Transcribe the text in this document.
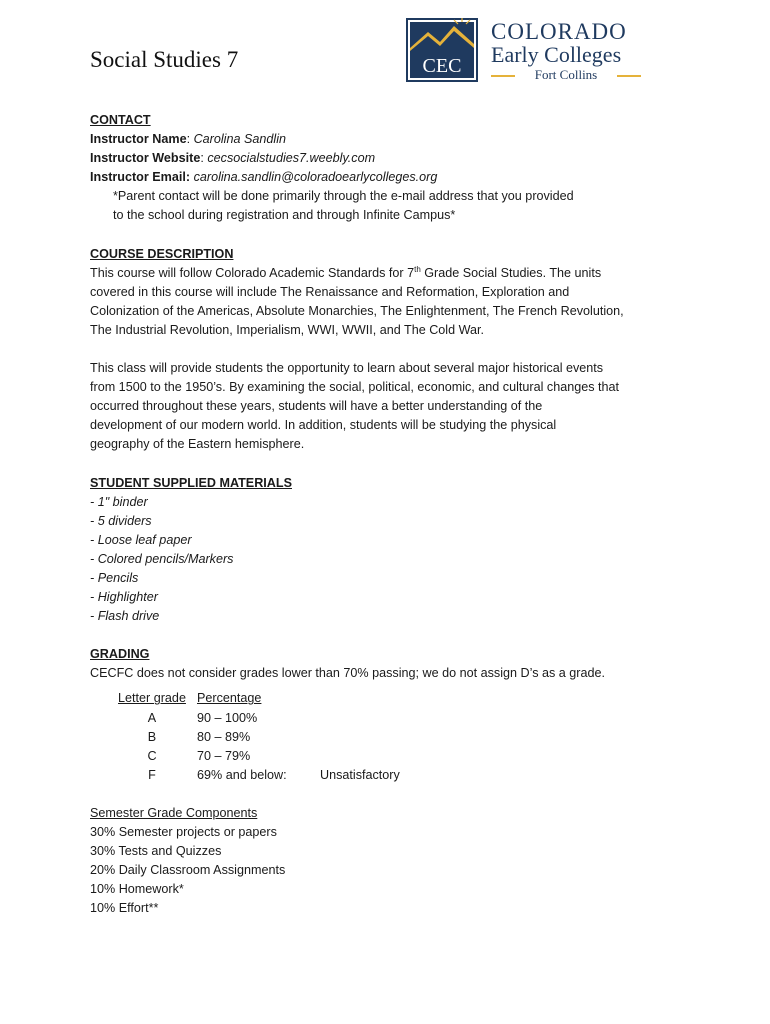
Social Studies 7	CEC
COLORADO
Early Colleges
Fort Collins

CONTACT

Instructor Name: Carolina Sandlin

Instructor Website: cecsocialstudies7.weebly.com

Instructor Email: carolina.sandlin@coloradoearlycolleges.org

*Parent contact will be done primarily through the e-mail address that you provided

to the school during registration and through Infinite Campus*

COURSE DESCRIPTION

This course will follow Colorado Academic Standards for 7th Grade Social Studies. The units

covered in this course will include The Renaissance and Reformation, Exploration and

Colonization of the Americas, Absolute Monarchies, The Enlightenment, The French Revolution,

The Industrial Revolution, Imperialism, WWI, WWII, and The Cold War.

This class will provide students the opportunity to learn about several major historical events

from 1500 to the 1950’s. By examining the social, political, economic, and cultural changes that

occurred throughout these years, students will have a better understanding of the

development of our modern world. In addition, students will be studying the physical

geography of the Eastern hemisphere.

STUDENT SUPPLIED MATERIALS

- 1" binder

- 5 dividers

- Loose leaf paper

- Colored pencils/Markers

- Pencils

- Highlighter

- Flash drive

GRADING

CECFC does not consider grades lower than 70% passing; we do not assign D’s as a grade.

Letter grade	Percentage	
A	90 – 100%	
B	80 – 89%	
C	70 – 79%	
F	69% and below:	Unsatisfactory

Semester Grade Components

30% Semester projects or papers

30% Tests and Quizzes

20% Daily Classroom Assignments

10% Homework*

10% Effort**
